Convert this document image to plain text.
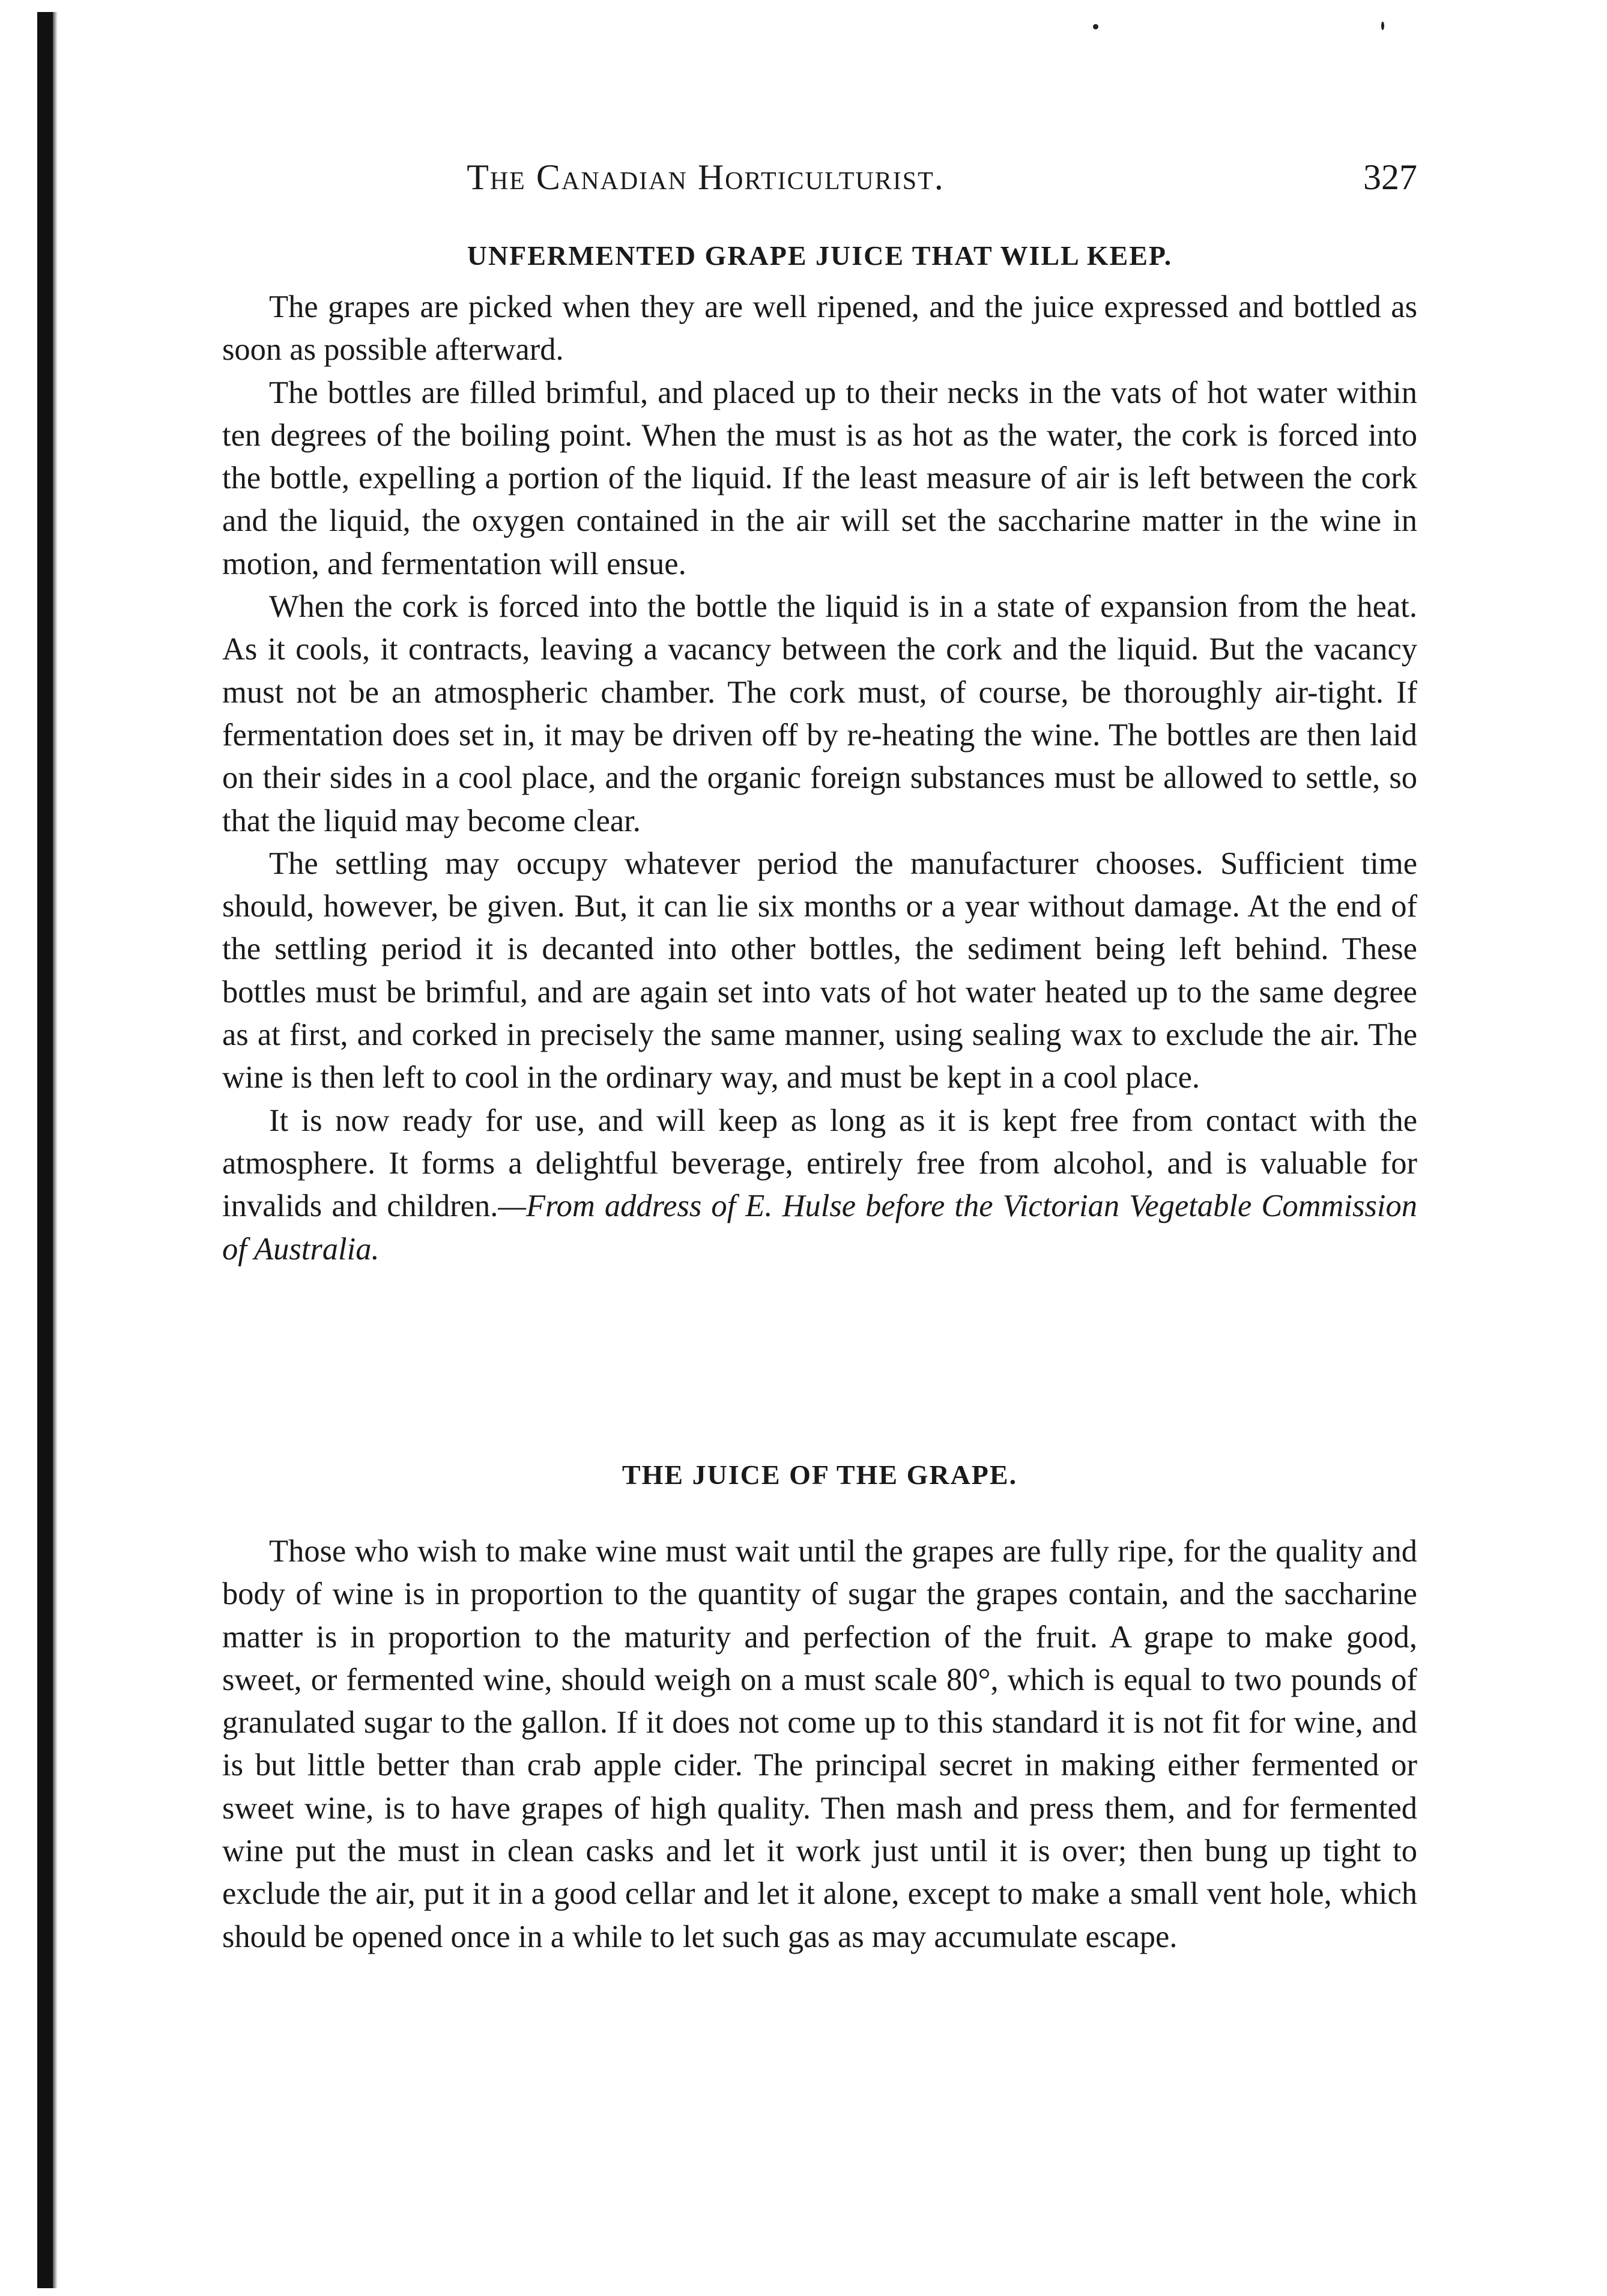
The Canadian Horticulturist.	327
UNFERMENTED GRAPE JUICE THAT WILL KEEP.

The grapes are picked when they are well ripened, and the juice expressed and bottled as soon as possible afterward.

The bottles are filled brimful, and placed up to their necks in the vats of hot water within ten degrees of the boiling point. When the must is as hot as the water, the cork is forced into the bottle, expelling a portion of the liquid. If the least measure of air is left between the cork and the liquid, the oxygen contained in the air will set the saccharine matter in the wine in motion, and fermentation will ensue.

When the cork is forced into the bottle the liquid is in a state of expansion from the heat. As it cools, it contracts, leaving a vacancy between the cork and the liquid. But the vacancy must not be an atmospheric chamber. The cork must, of course, be thoroughly air-tight. If fermentation does set in, it may be driven off by re-heating the wine. The bottles are then laid on their sides in a cool place, and the organic foreign substances must be allowed to settle, so that the liquid may become clear.

The settling may occupy whatever period the manufacturer chooses. Sufficient time should, however, be given. But, it can lie six months or a year without damage. At the end of the settling period it is decanted into other bottles, the sediment being left behind. These bottles must be brimful, and are again set into vats of hot water heated up to the same degree as at first, and corked in precisely the same manner, using sealing wax to exclude the air. The wine is then left to cool in the ordinary way, and must be kept in a cool place.

It is now ready for use, and will keep as long as it is kept free from contact with the atmosphere. It forms a delightful beverage, entirely free from alcohol, and is valuable for invalids and children.—From address of E. Hulse before the Victorian Vegetable Commission of Australia.

THE JUICE OF THE GRAPE.

Those who wish to make wine must wait until the grapes are fully ripe, for the quality and body of wine is in proportion to the quantity of sugar the grapes contain, and the saccharine matter is in proportion to the maturity and perfection of the fruit. A grape to make good, sweet, or fermented wine, should weigh on a must scale 80°, which is equal to two pounds of granulated sugar to the gallon. If it does not come up to this standard it is not fit for wine, and is but little better than crab apple cider. The principal secret in making either fermented or sweet wine, is to have grapes of high quality. Then mash and press them, and for fermented wine put the must in clean casks and let it work just until it is over; then bung up tight to exclude the air, put it in a good cellar and let it alone, except to make a small vent hole, which should be opened once in a while to let such gas as may accumulate escape.
